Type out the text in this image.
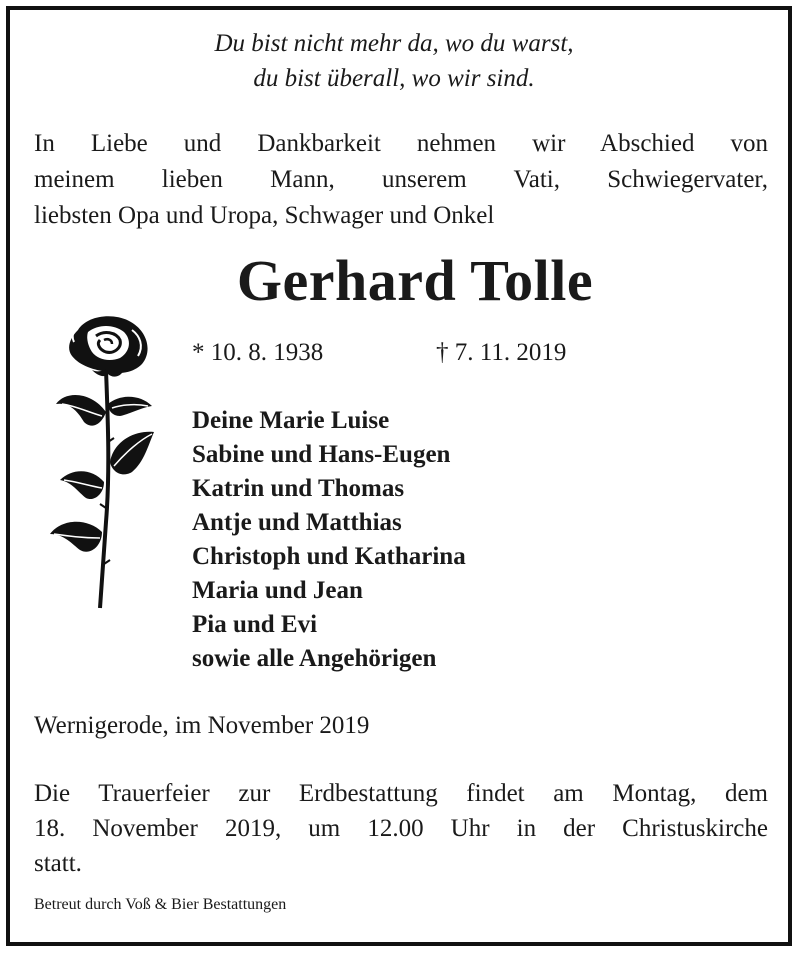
Du bist nicht mehr da, wo du warst,
du bist überall, wo wir sind.
In Liebe und Dankbarkeit nehmen wir Abschied von
meinem lieben Mann, unserem Vati, Schwiegervater,
liebsten Opa und Uropa, Schwager und Onkel
Gerhard Tolle
* 10. 8. 1938	† 7. 11. 2019
Deine Marie Luise
Sabine und Hans-Eugen
Katrin und Thomas
Antje und Matthias
Christoph und Katharina
Maria und Jean
Pia und Evi
sowie alle Angehörigen
Wernigerode, im November 2019
Die Trauerfeier zur Erdbestattung findet am Montag, dem
18. November 2019, um 12.00 Uhr in der Christuskirche
statt.
Betreut durch Voß & Bier Bestattungen
